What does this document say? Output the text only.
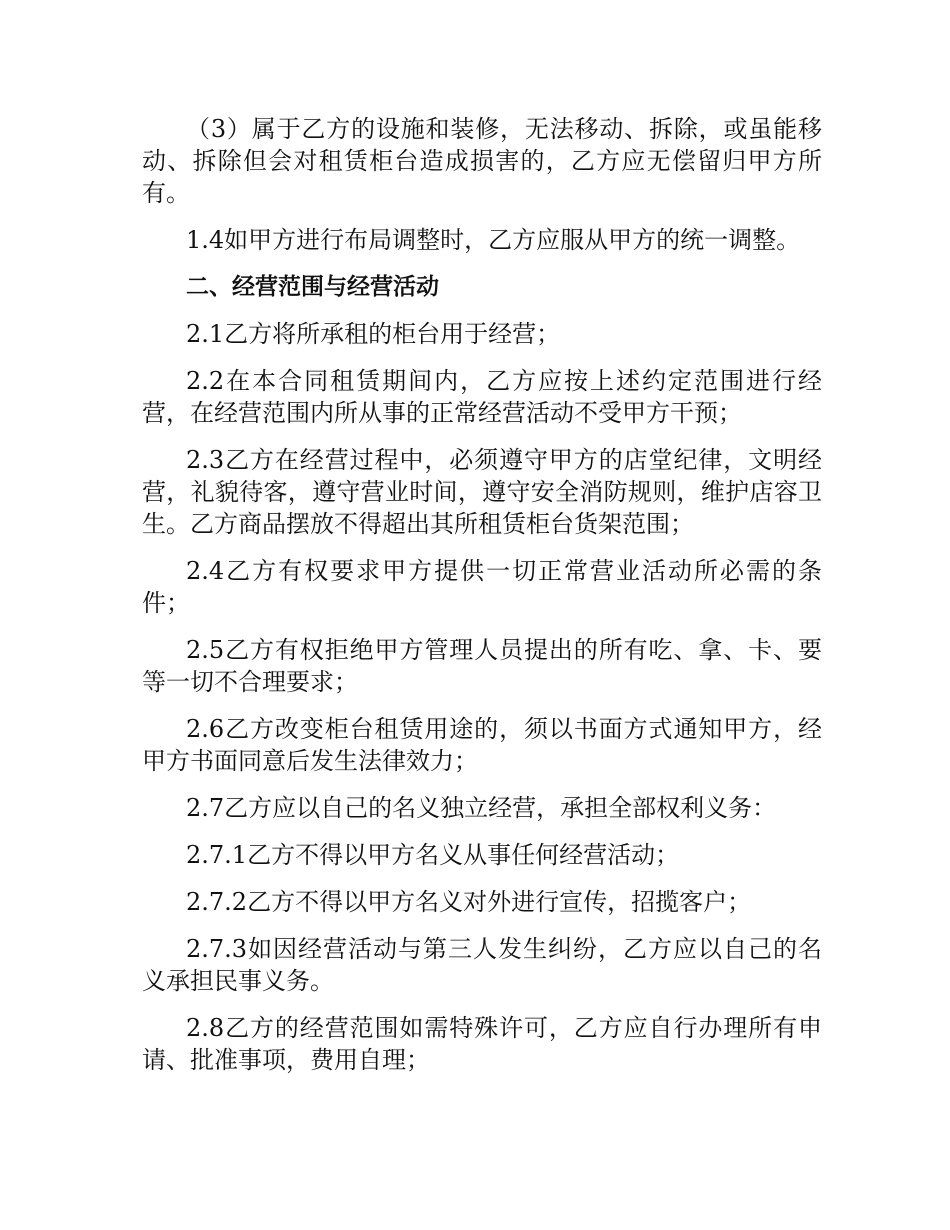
（3）属于乙方的设施和装修，无法移动、拆除，或虽能移动、拆除但会对租赁柜台造成损害的，乙方应无偿留归甲方所有。

1.4如甲方进行布局调整时，乙方应服从甲方的统一调整。

二、经营范围与经营活动

2.1乙方将所承租的柜台用于经营；

2.2在本合同租赁期间内，乙方应按上述约定范围进行经营，在经营范围内所从事的正常经营活动不受甲方干预；

2.3乙方在经营过程中，必须遵守甲方的店堂纪律，文明经营，礼貌待客，遵守营业时间，遵守安全消防规则，维护店容卫生。乙方商品摆放不得超出其所租赁柜台货架范围；

2.4乙方有权要求甲方提供一切正常营业活动所必需的条件；

2.5乙方有权拒绝甲方管理人员提出的所有吃、拿、卡、要等一切不合理要求；

2.6乙方改变柜台租赁用途的，须以书面方式通知甲方，经甲方书面同意后发生法律效力；

2.7乙方应以自己的名义独立经营，承担全部权利义务：

2.7.1乙方不得以甲方名义从事任何经营活动；

2.7.2乙方不得以甲方名义对外进行宣传，招揽客户；

2.7.3如因经营活动与第三人发生纠纷，乙方应以自己的名义承担民事义务。

2.8乙方的经营范围如需特殊许可，乙方应自行办理所有申请、批准事项，费用自理；
